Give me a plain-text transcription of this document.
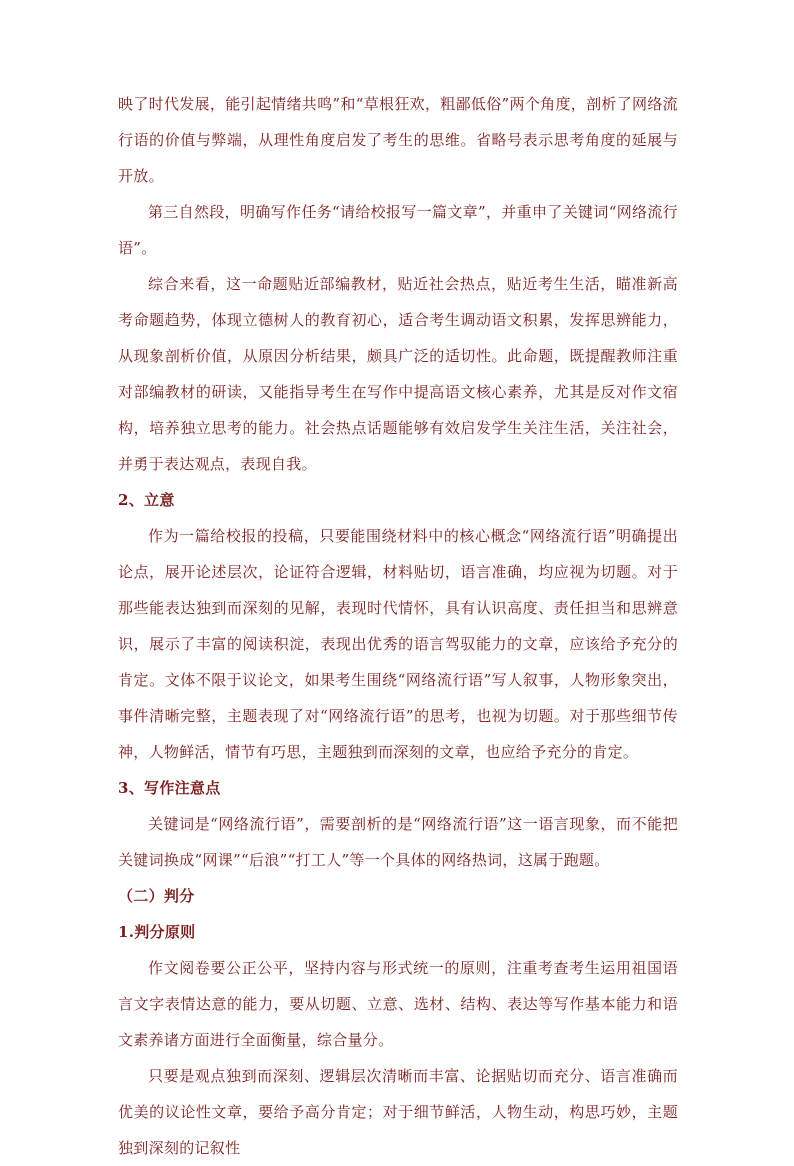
映了时代发展，能引起情绪共鸣”和“草根狂欢，粗鄙低俗”两个角度，剖析了网络流行语的价值与弊端，从理性角度启发了考生的思维。省略号表示思考角度的延展与开放。

第三自然段，明确写作任务“请给校报写一篇文章”，并重申了关键词“网络流行语”。

综合来看，这一命题贴近部编教材，贴近社会热点，贴近考生生活，瞄准新高考命题趋势，体现立德树人的教育初心，适合考生调动语文积累，发挥思辨能力，从现象剖析价值，从原因分析结果，颇具广泛的适切性。此命题，既提醒教师注重对部编教材的研读，又能指导考生在写作中提高语文核心素养，尤其是反对作文宿构，培养独立思考的能力。社会热点话题能够有效启发学生关注生活，关注社会，并勇于表达观点，表现自我。

2、立意

作为一篇给校报的投稿，只要能围绕材料中的核心概念“网络流行语”明确提出论点，展开论述层次，论证符合逻辑，材料贴切，语言准确，均应视为切题。对于那些能表达独到而深刻的见解，表现时代情怀，具有认识高度、责任担当和思辨意识，展示了丰富的阅读积淀，表现出优秀的语言驾驭能力的文章，应该给予充分的肯定。文体不限于议论文，如果考生围绕“网络流行语”写人叙事，人物形象突出，事件清晰完整，主题表现了对“网络流行语”的思考，也视为切题。对于那些细节传神，人物鲜活，情节有巧思，主题独到而深刻的文章，也应给予充分的肯定。

3、写作注意点

关键词是“网络流行语”，需要剖析的是“网络流行语”这一语言现象，而不能把关键词换成“网课”“后浪”“打工人”等一个具体的网络热词，这属于跑题。

（二）判分
1.判分原则

作文阅卷要公正公平，坚持内容与形式统一的原则，注重考查考生运用祖国语言文字表情达意的能力，要从切题、立意、选材、结构、表达等写作基本能力和语文素养诸方面进行全面衡量，综合量分。

只要是观点独到而深刻、逻辑层次清晰而丰富、论据贴切而充分、语言准确而优美的议论性文章，要给予高分肯定；对于细节鲜活，人物生动，构思巧妙，主题独到深刻的记叙性
